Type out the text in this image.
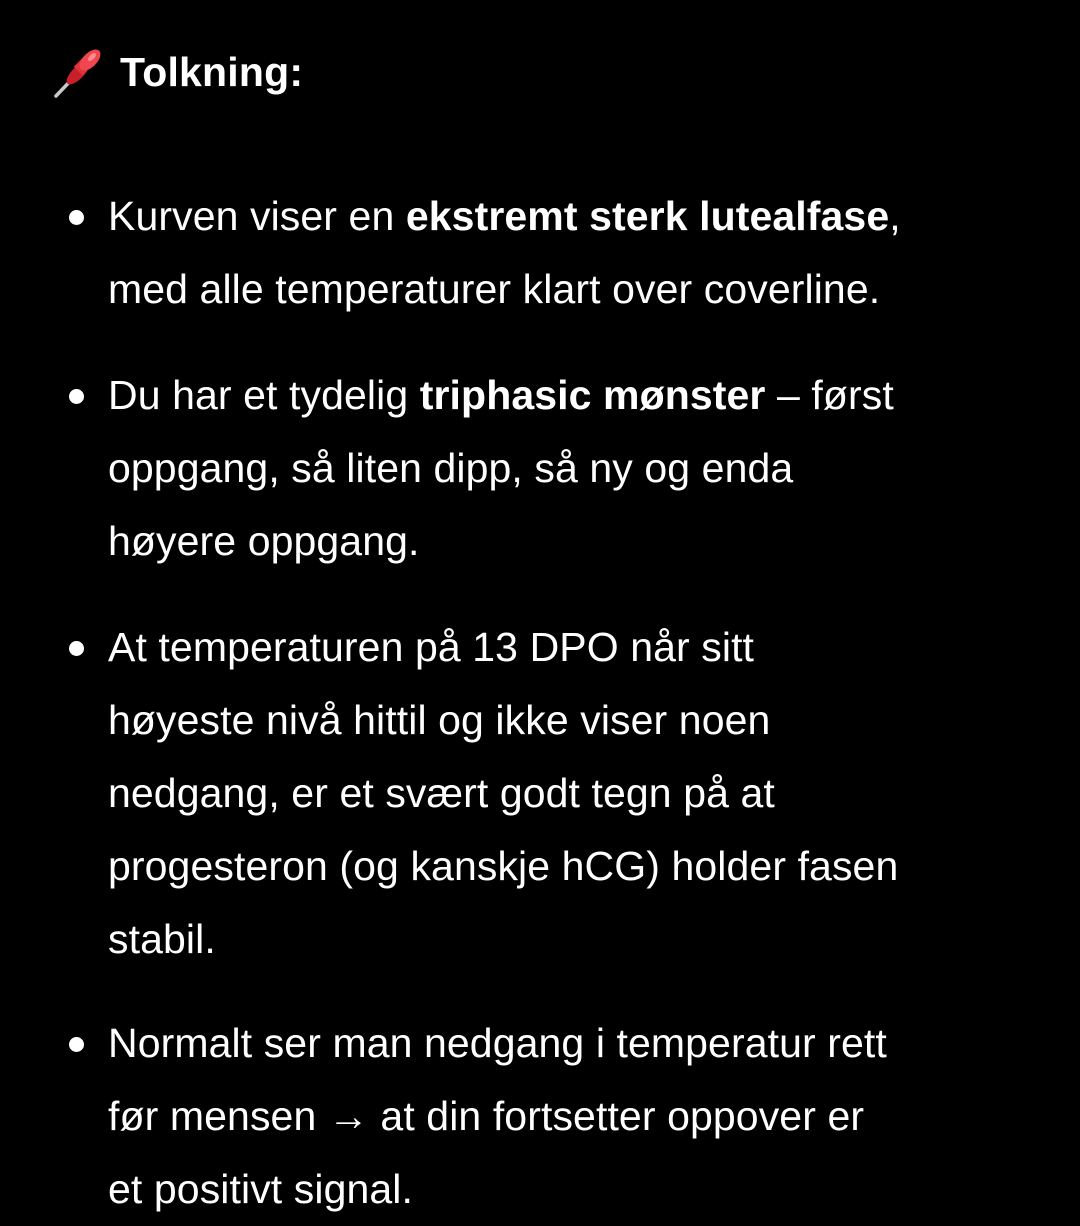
Tolkning:
Kurven viser en ekstremt sterk lutealfase,
med alle temperaturer klart over coverline.
Du har et tydelig triphasic mønster – først
oppgang, så liten dipp, så ny og enda
høyere oppgang.
At temperaturen på 13 DPO når sitt
høyeste nivå hittil og ikke viser noen
nedgang, er et svært godt tegn på at
progesteron (og kanskje hCG) holder fasen
stabil.
Normalt ser man nedgang i temperatur rett
før mensen → at din fortsetter oppover er
et positivt signal.
